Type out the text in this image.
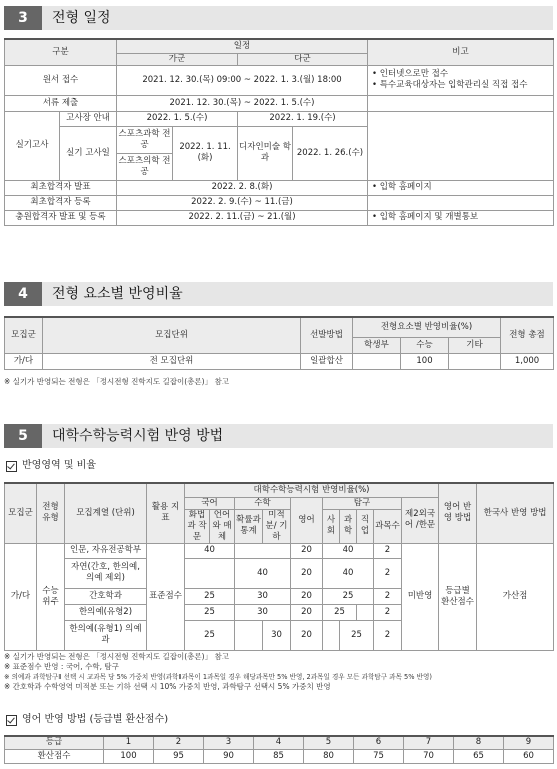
3	전형 일정
구분		일정				비고
		가군		다군		
원서 접수		2021. 12. 30.(목) 09:00 ~ 2022. 1. 3.(월) 18:00				• 인터넷으로만 접수
• 특수교육대상자는 입학관리실 직접 접수

서류 제출		2021. 12. 30.(목) ~ 2022. 1. 5.(수)				
실기고사	고사장 안내	2022. 1. 5.(수)		2022. 1. 19.(수)		
	실기 고사일	스포츠과학 전공	2022. 1. 11.(화)	디자인미술 학과	2022. 1. 26.(수)	
		스포츠의학 전공				
최초합격자 발표		2022. 2. 8.(화)				• 입학 홈페이지
최초합격자 등록		2022. 2. 9.(수) ~ 11.(금)				
충원합격자 발표 및 등록		2022. 2. 11.(금) ~ 21.(월)				• 입학 홈페이지 및 개별통보
4	전형 요소별 반영비율
모집군	모집단위	선발방법	전형요소별 반영비율(%)			전형 총점
			학생부	수능	기타	
가/다	전 모집단위	일괄합산		100		1,000
※ 실기가 반영되는 전형은 「정시전형 진학지도 길잡이(총론)」 참고
5	대학수학능력시험 반영 방법
반영영역 및 비율
모집군	전형 유형	모집계열 (단위)	활용 지표	대학수학능력시험 반영비율(%)										영어 반영 방법	한국사 반영 방법
				국어		수학		영어	탐구				제2외국어 /한문		
				화법과 작문	언어와 매체	확률과 통계	미적분/ 기하		사회	과학	직업	과목수			
가/다	수능 위주	인문, 자유전공학부	표준점수	40				20	40			2	미반영	등급별 환산점수	가산점
		자연(간호, 한의예, 의예 제외)				40		20	40			2			
		간호학과		25		30		20	25			2			
		한의예(유형2)		25		30		20	25			2			
		한의예(유형1) 의예과		25			30	20		25		2			
※ 실기가 반영되는 전형은 「정시전형 진학지도 길잡이(총론)」 참고
※ 표준점수 반영 : 국어, 수학, 탐구
※ 의예과 과학탐구Ⅱ 선택 시 교과목 당 5% 가중치 반영(과학Ⅱ과목이 1과목일 경우 해당과목만 5% 반영, 2과목일 경우 모든 과학탐구 과목 5% 반영)
※ 간호학과 수학영역 미적분 또는 기하 선택 시 10% 가중치 반영, 과학탐구 선택시 5% 가중치 반영
영어 반영 방법 (등급별 환산점수)
등급	1	2	3	4	5	6	7	8	9
환산점수	100	95	90	85	80	75	70	65	60
